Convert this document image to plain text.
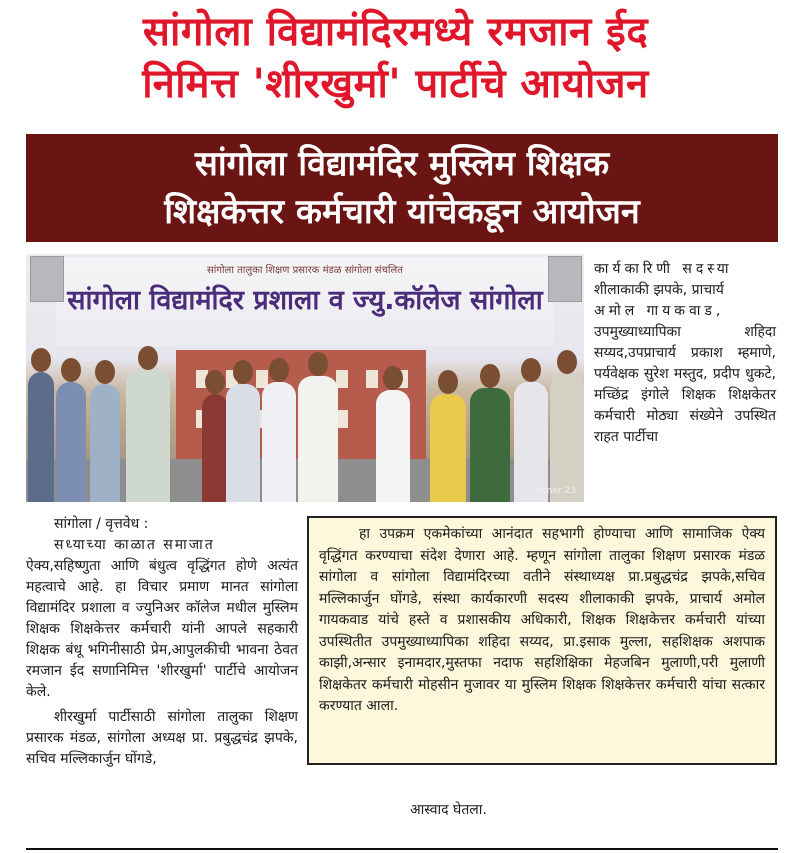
सांगोला विद्यामंदिरमध्ये रमजान ईद
निमित्त 'शीरखुर्मा' पार्टीचे आयोजन
सांगोला विद्यामंदिर मुस्लिम शिक्षक
शिक्षकेत्तर कर्मचारी यांचेकडून आयोजन
सांगोला तालुका शिक्षण प्रसारक मंडळ सांगोला संचलित
सांगोला विद्यामंदिर प्रशाला व ज्यु.कॉलेज सांगोला
Owner 23
कार्यकारिणी सदस्या
शीलाकाकी झपके, प्राचार्य
अमोल गायकवाड,
उपमुख्याध्यापिका शहिदा सय्यद,उपप्राचार्य प्रकाश म्हमाणे, पर्यवेक्षक सुरेश मस्तुद, प्रदीप धुकटे, मच्छिंद्र इंगोले शिक्षक शिक्षकेतर कर्मचारी मोठ्या संख्येने उपस्थित राहत पार्टीचा

सांगोला / वृत्तवेध :

सध्याच्या काळात समाजात

ऐक्य,सहिष्णुता आणि बंधुत्व वृद्धिंगत होणे अत्यंत महत्वाचे आहे. हा विचार प्रमाण मानत सांगोला विद्यामंदिर प्रशाला व ज्युनिअर कॉलेज मधील मुस्लिम शिक्षक शिक्षकेत्तर कर्मचारी यांनी आपले सहकारी शिक्षक बंधू भगिनीसाठी प्रेम,आपुलकीची भावना ठेवत रमजान ईद सणानिमित्त 'शीरखुर्मा' पार्टीचे आयोजन केले.

शीरखुर्मा पार्टीसाठी सांगोला तालुका शिक्षण प्रसारक मंडळ, सांगोला अध्यक्ष प्रा. प्रबुद्धचंद्र झपके, सचिव मल्लिकार्जुन घोंगडे,

हा उपक्रम एकमेकांच्या आनंदात सहभागी होण्याचा आणि सामाजिक ऐक्य वृद्धिंगत करण्याचा संदेश देणारा आहे. म्हणून सांगोला तालुका शिक्षण प्रसारक मंडळ सांगोला व सांगोला विद्यामंदिरच्या वतीने संस्थाध्यक्ष प्रा.प्रबुद्धचंद्र झपके,सचिव मल्लिकार्जुन घोंगडे, संस्था कार्यकारणी सदस्य शीलाकाकी झपके, प्राचार्य अमोल गायकवाड यांचे हस्ते व प्रशासकीय अधिकारी, शिक्षक शिक्षकेत्तर कर्मचारी यांच्या उपस्थितीत उपमुख्याध्यापिका शहिदा सय्यद, प्रा.इसाक मुल्ला, सहशिक्षक अशपाक काझी,अन्सार इनामदार,मुस्तफा नदाफ सहशिक्षिका मेहजबिन मुलाणी,परी मुलाणी शिक्षकेतर कर्मचारी मोहसीन मुजावर या मुस्लिम शिक्षक शिक्षकेत्तर कर्मचारी यांचा सत्कार करण्यात आला.

आस्वाद घेतला.
